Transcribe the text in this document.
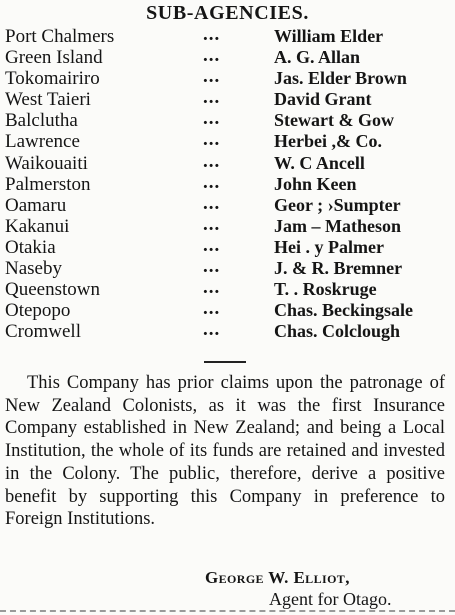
SUB-AGENCIES.
Port Chalmers	...	William Elder
Green Island	...	A. G. Allan
Tokomairiro	...	Jas. Elder Brown
West Taieri	...	David Grant
Balclutha	...	Stewart & Gow
Lawrence	...	Herbei ,& Co.
Waikouaiti	...	W. C Ancell
Palmerston	...	John Keen
Oamaru	...	Geor ; ›Sumpter
Kakanui	...	Jam – Matheson
Otakia	...	Hei . y Palmer
Naseby	...	J. & R. Bremner
Queenstown	...	T. . Roskruge
Otepopo	...	Chas. Beckingsale
Cromwell	...	Chas. Colclough
This Company has prior claims upon the patronage of New Zealand Colonists, as it was the first Insurance Company established in New Zealand; and being a Local Institution, the whole of its funds are retained and invested in the Colony. The public, therefore, derive a positive benefit by supporting this Company in preference to Foreign Institutions.
George W. Elliot,
Agent for Otago.
